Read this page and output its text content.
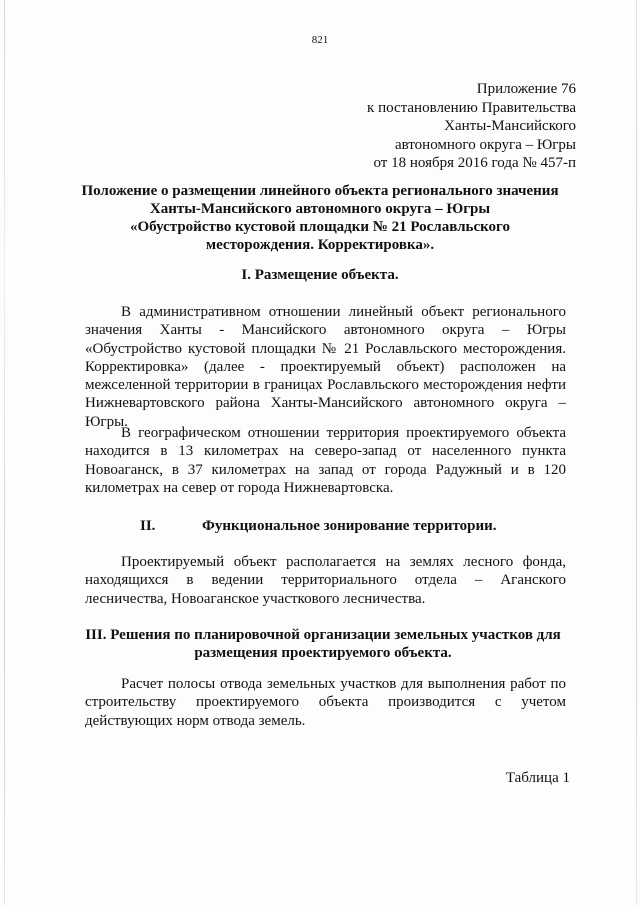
821
Приложение 76
к постановлению Правительства
Ханты-Мансийского
автономного округа – Югры
от 18 ноября 2016 года № 457-п
Положение о размещении линейного объекта регионального значения
Ханты-Мансийского автономного округа – Югры
«Обустройство кустовой площадки № 21 Рославльского
месторождения. Корректировка».
I. Размещение объекта.
В административном отношении линейный объект регионального значения Ханты - Мансийского автономного округа – Югры «Обустройство кустовой площадки № 21 Рославльского месторождения. Корректировка» (далее - проектируемый объект) расположен на межселенной территории в границах Рославльского месторождения нефти Нижневартовского района Ханты-Мансийского автономного округа – Югры.
В географическом отношении территория проектируемого объекта находится в 13 километрах на северо-запад от населенного пункта Новоаганск, в 37 километрах на запад от города Радужный и в 120 километрах на север от города Нижневартовска.
II.	Функциональное зонирование территории.
Проектируемый объект располагается на землях лесного фонда, находящихся в ведении территориального отдела – Аганского лесничества, Новоаганское участкового лесничества.
III. Решения по планировочной организации земельных участков для
размещения проектируемого объекта.
Расчет полосы отвода земельных участков для выполнения работ по строительству проектируемого объекта производится с учетом действующих норм отвода земель.
Таблица 1
